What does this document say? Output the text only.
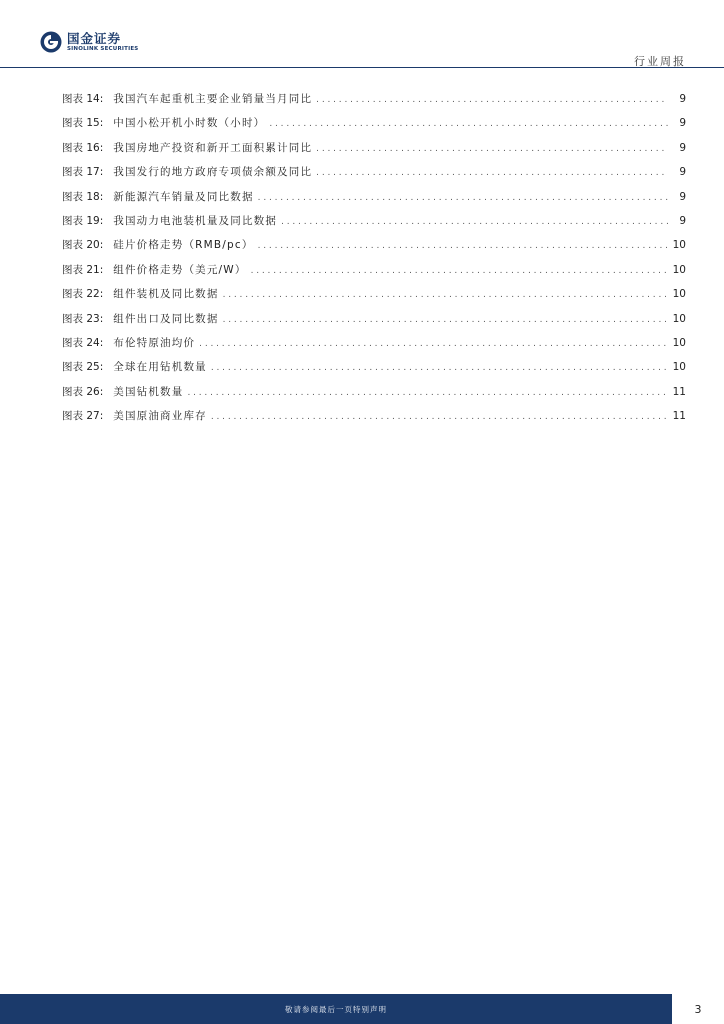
国金证券
SINOLINK SECURITIES
行业周报
图表 14: 我国汽车起重机主要企业销量当月同比 .....	9
图表 15: 中国小松开机小时数（小时） .....	9
图表 16: 我国房地产投资和新开工面积累计同比 .....	9
图表 17: 我国发行的地方政府专项债余额及同比 .....	9
图表 18: 新能源汽车销量及同比数据 .....	9
图表 19: 我国动力电池装机量及同比数据 .....	9
图表 20: 硅片价格走势（RMB/pc） .....	10
图表 21: 组件价格走势（美元/W） .....	10
图表 22: 组件装机及同比数据 .....	10
图表 23: 组件出口及同比数据 .....	10
图表 24: 布伦特原油均价 .....	10
图表 25: 全球在用钻机数量 .....	10
图表 26: 美国钻机数量 .....	11
图表 27: 美国原油商业库存 .....	11
敬请参阅最后一页特别声明	3
